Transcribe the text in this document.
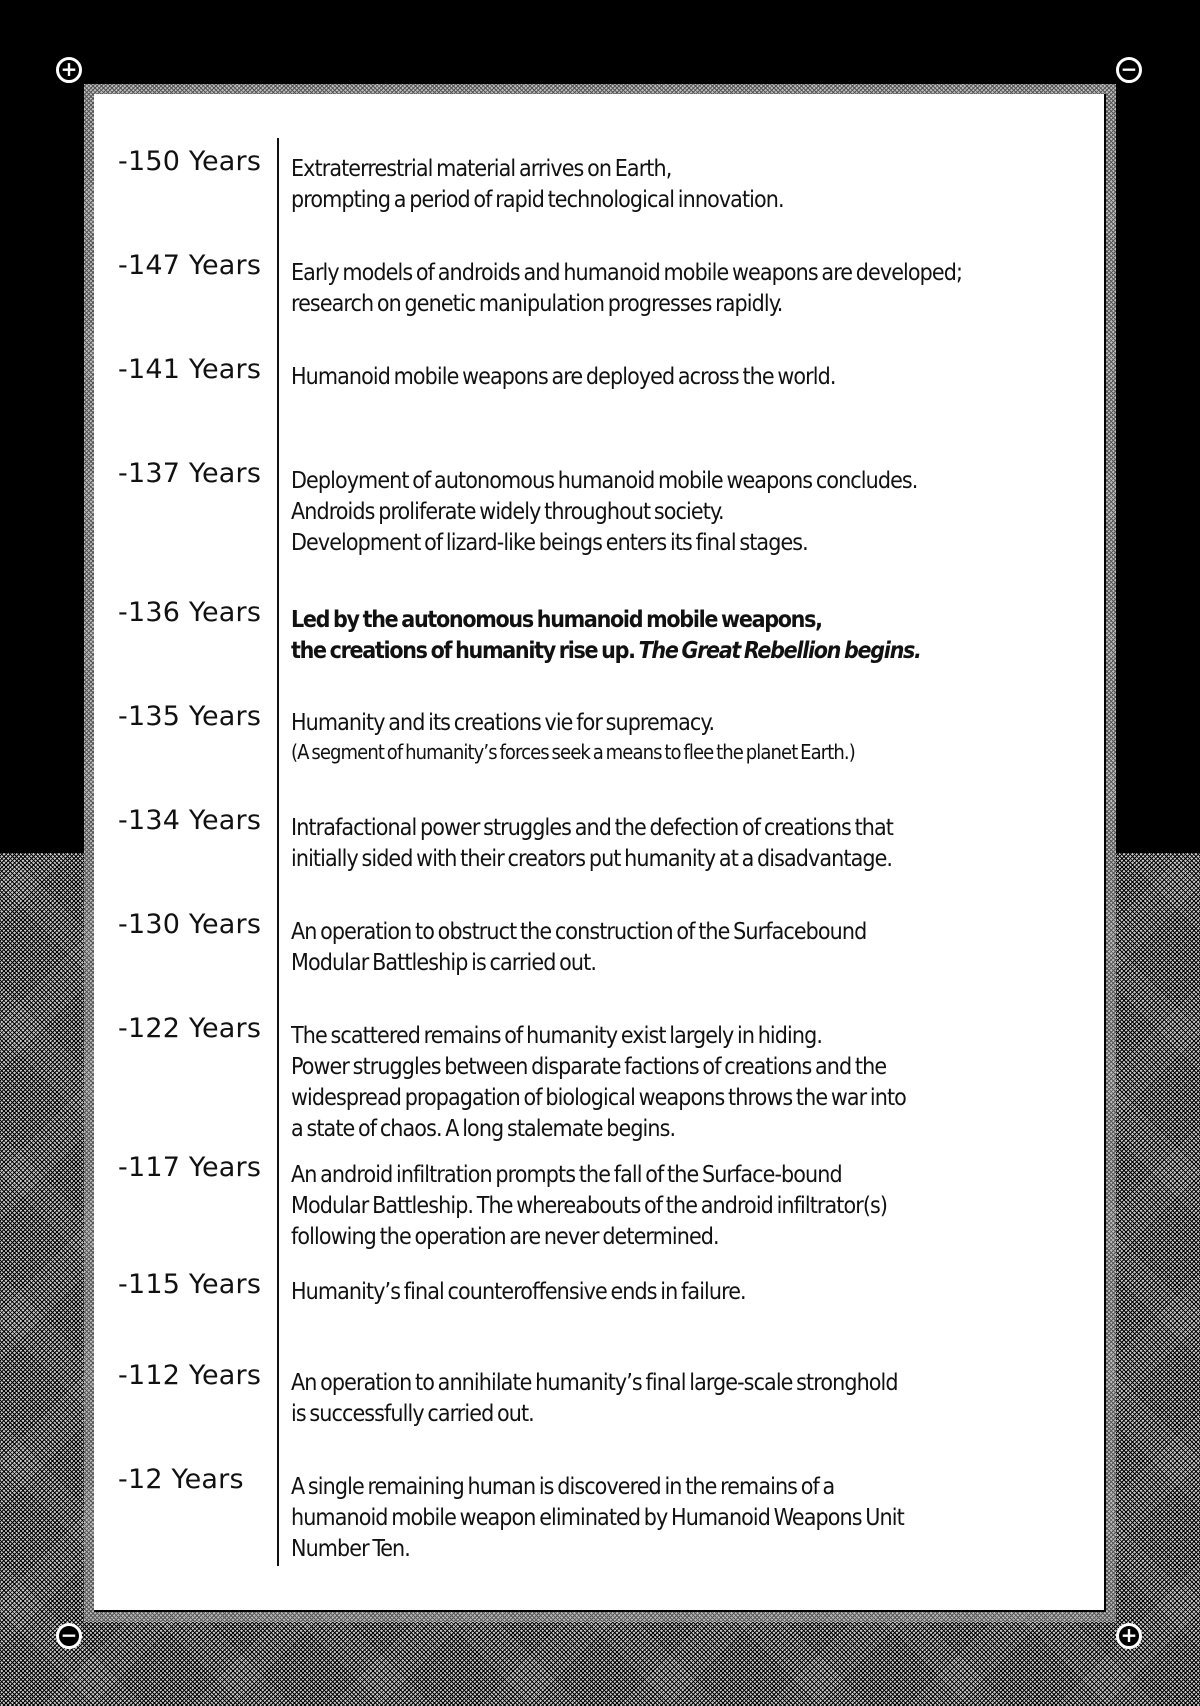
+	−
−	+
-150 Years Extraterrestrial material arrives on Earth,
prompting a period of rapid technological innovation.
-147 Years Early models of androids and humanoid mobile weapons are developed;
research on genetic manipulation progresses rapidly.
-141 Years Humanoid mobile weapons are deployed across the world.
-137 Years Deployment of autonomous humanoid mobile weapons concludes.
Androids proliferate widely throughout society.
Development of lizard-like beings enters its final stages.
-136 Years Led by the autonomous humanoid mobile weapons,
the creations of humanity rise up. The Great Rebellion begins.
-135 Years Humanity and its creations vie for supremacy.
(A segment of humanity’s forces seek a means to flee the planet Earth.)
-134 Years Intrafactional power struggles and the defection of creations that
initially sided with their creators put humanity at a disadvantage.
-130 Years An operation to obstruct the construction of the Surfacebound
Modular Battleship is carried out.
-122 Years The scattered remains of humanity exist largely in hiding.
Power struggles between disparate factions of creations and the
widespread propagation of biological weapons throws the war into
a state of chaos. A long stalemate begins.
-117 Years An android infiltration prompts the fall of the Surface-bound
Modular Battleship. The whereabouts of the android infiltrator(s)
following the operation are never determined.
-115 Years Humanity’s final counteroffensive ends in failure.
-112 Years An operation to annihilate humanity’s final large-scale stronghold
is successfully carried out.
-12 Years A single remaining human is discovered in the remains of a
humanoid mobile weapon eliminated by Humanoid Weapons Unit
Number Ten.
